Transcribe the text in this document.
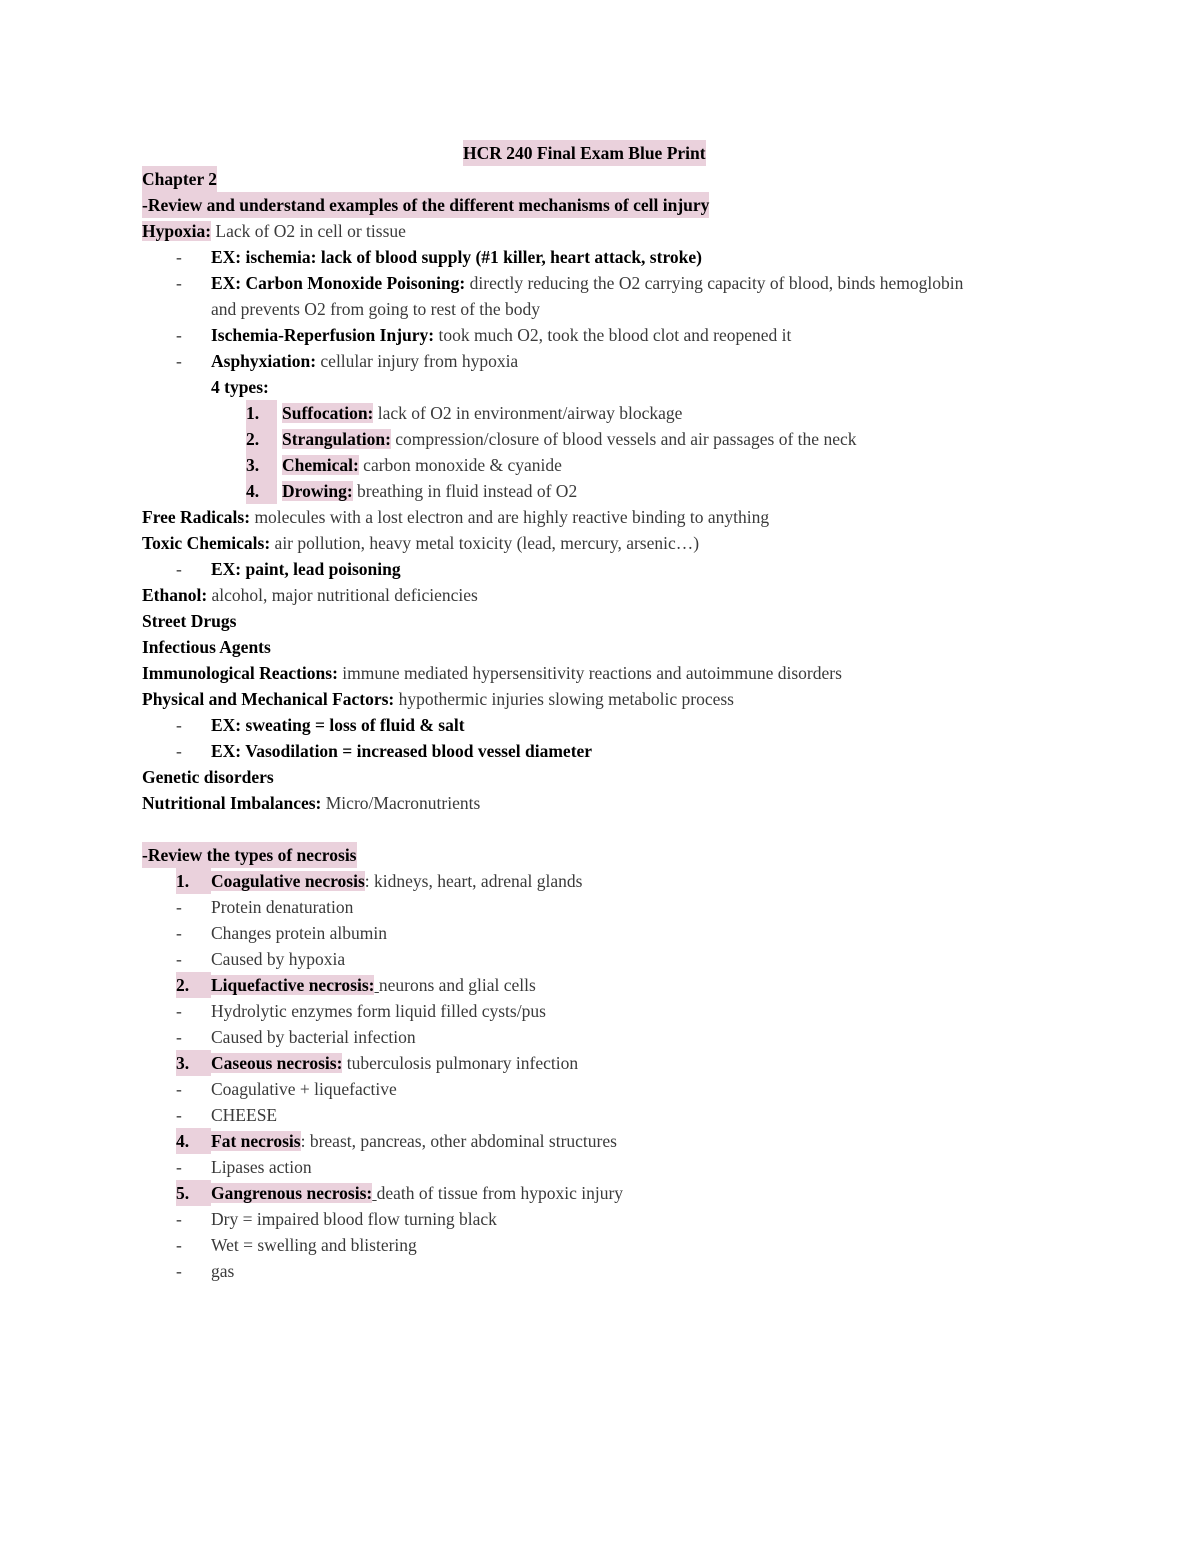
HCR 240 Final Exam Blue Print
Chapter 2
-Review and understand examples of the different mechanisms of cell injury
Hypoxia: Lack of O2 in cell or tissue
- EX: ischemia: lack of blood supply (#1 killer, heart attack, stroke)
- EX: Carbon Monoxide Poisoning: directly reducing the O2 carrying capacity of blood, binds hemoglobin
and prevents O2 from going to rest of the body
- Ischemia-Reperfusion Injury: took much O2, took the blood clot and reopened it
- Asphyxiation: cellular injury from hypoxia
4 types:
1. Suffocation: lack of O2 in environment/airway blockage
2. Strangulation: compression/closure of blood vessels and air passages of the neck
3. Chemical: carbon monoxide & cyanide
4. Drowing: breathing in fluid instead of O2
Free Radicals: molecules with a lost electron and are highly reactive binding to anything
Toxic Chemicals: air pollution, heavy metal toxicity (lead, mercury, arsenic…)
- EX: paint, lead poisoning
Ethanol: alcohol, major nutritional deficiencies
Street Drugs
Infectious Agents
Immunological Reactions: immune mediated hypersensitivity reactions and autoimmune disorders
Physical and Mechanical Factors: hypothermic injuries slowing metabolic process
- EX: sweating = loss of fluid & salt
- EX: Vasodilation = increased blood vessel diameter
Genetic disorders
Nutritional Imbalances: Micro/Macronutrients
-Review the types of necrosis
1. Coagulative necrosis: kidneys, heart, adrenal glands
- Protein denaturation
- Changes protein albumin
- Caused by hypoxia
2. Liquefactive necrosis: neurons and glial cells
- Hydrolytic enzymes form liquid filled cysts/pus
- Caused by bacterial infection
3. Caseous necrosis: tuberculosis pulmonary infection
- Coagulative + liquefactive
- CHEESE
4. Fat necrosis: breast, pancreas, other abdominal structures
- Lipases action
5. Gangrenous necrosis: death of tissue from hypoxic injury
- Dry = impaired blood flow turning black
- Wet = swelling and blistering
- gas
